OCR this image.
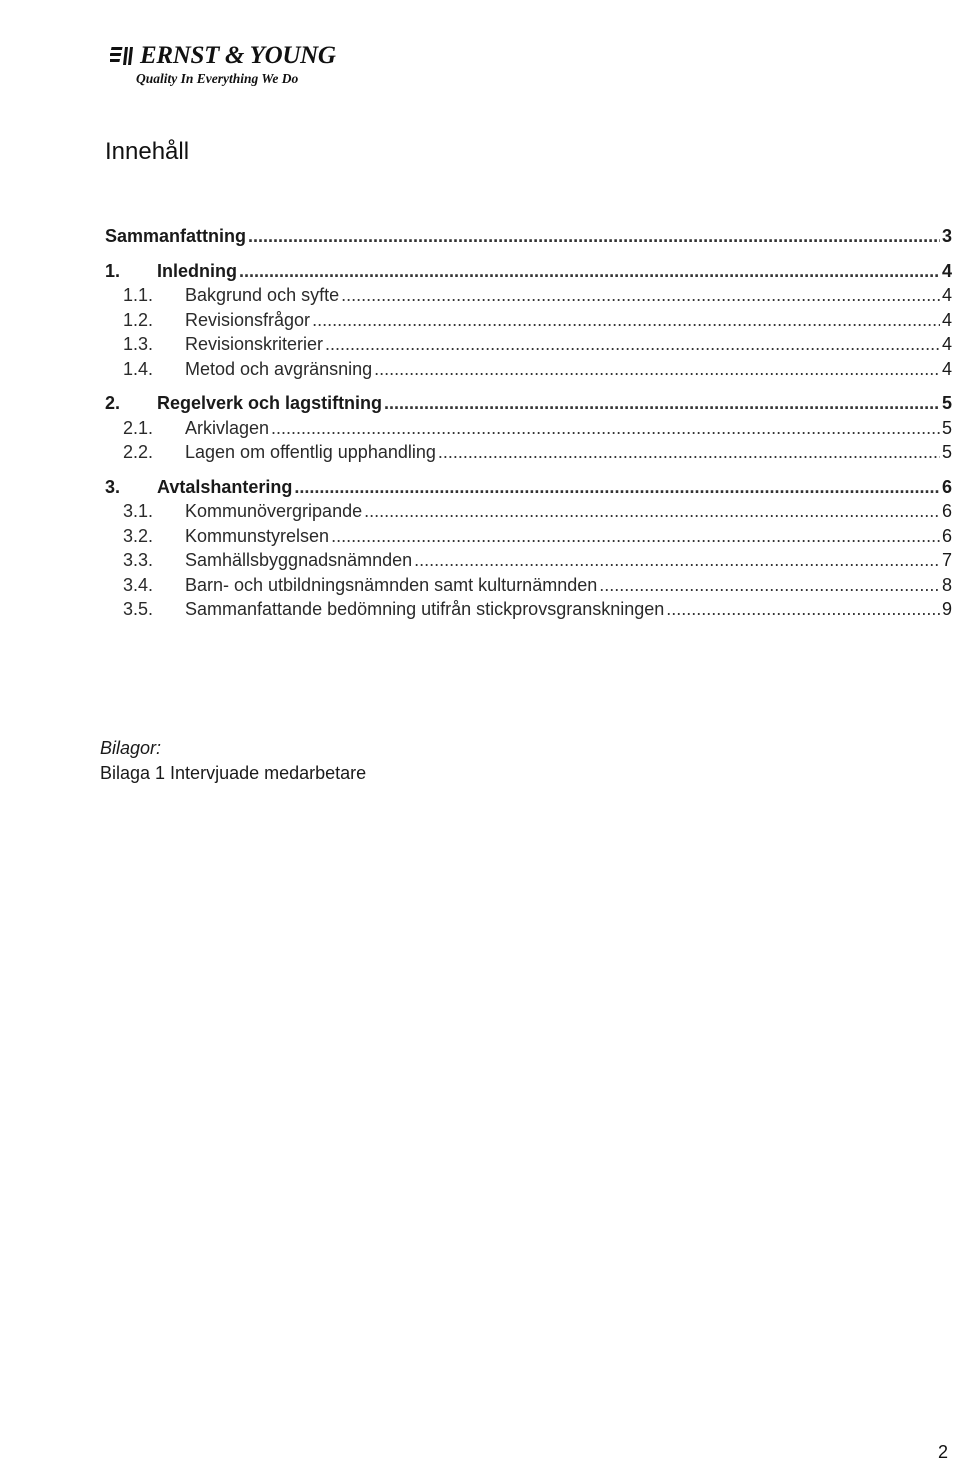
ERNST & YOUNG
Quality In Everything We Do
Innehåll
Sammanfattning .....	3
1.	Inledning .....	4
1.1.	Bakgrund och syfte .....	4
1.2.	Revisionsfrågor .....	4
1.3.	Revisionskriterier .....	4
1.4.	Metod och avgränsning .....	4
2.	Regelverk och lagstiftning .....	5
2.1.	Arkivlagen .....	5
2.2.	Lagen om offentlig upphandling .....	5
3.	Avtalshantering .....	6
3.1.	Kommunövergripande .....	6
3.2.	Kommunstyrelsen .....	6
3.3.	Samhällsbyggnadsnämnden .....	7
3.4.	Barn- och utbildningsnämnden samt kulturnämnden .....	8
3.5.	Sammanfattande bedömning utifrån stickprovsgranskningen .....	9
Bilagor:
Bilaga 1 Intervjuade medarbetare
2
